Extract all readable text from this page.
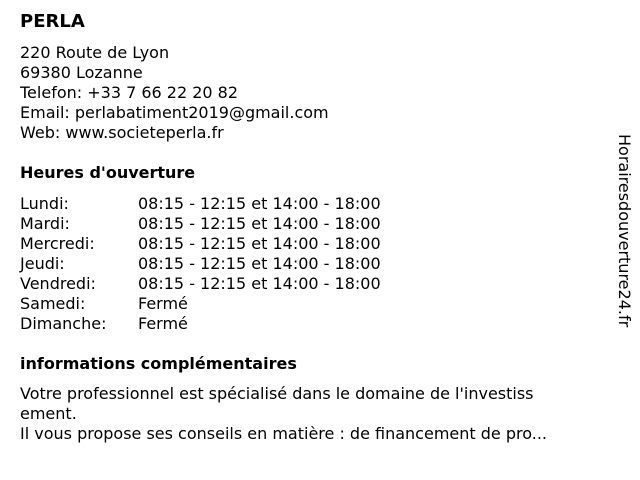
PERLA
220 Route de Lyon
69380 Lozanne
Telefon: +33 7 66 22 20 82
Email: perlabatiment2019@gmail.com
Web: www.societeperla.fr
Heures d'ouverture
Lundi:	08:15 - 12:15 et 14:00 - 18:00
Mardi:	08:15 - 12:15 et 14:00 - 18:00
Mercredi:	08:15 - 12:15 et 14:00 - 18:00
Jeudi:	08:15 - 12:15 et 14:00 - 18:00
Vendredi:	08:15 - 12:15 et 14:00 - 18:00
Samedi:	Fermé
Dimanche: Fermé
informations complémentaires
Votre professionnel est spécialisé dans le domaine de l'investiss
ement.
Il vous propose ses conseils en matière : de financement de pro...
Horairesdouverture24.fr
